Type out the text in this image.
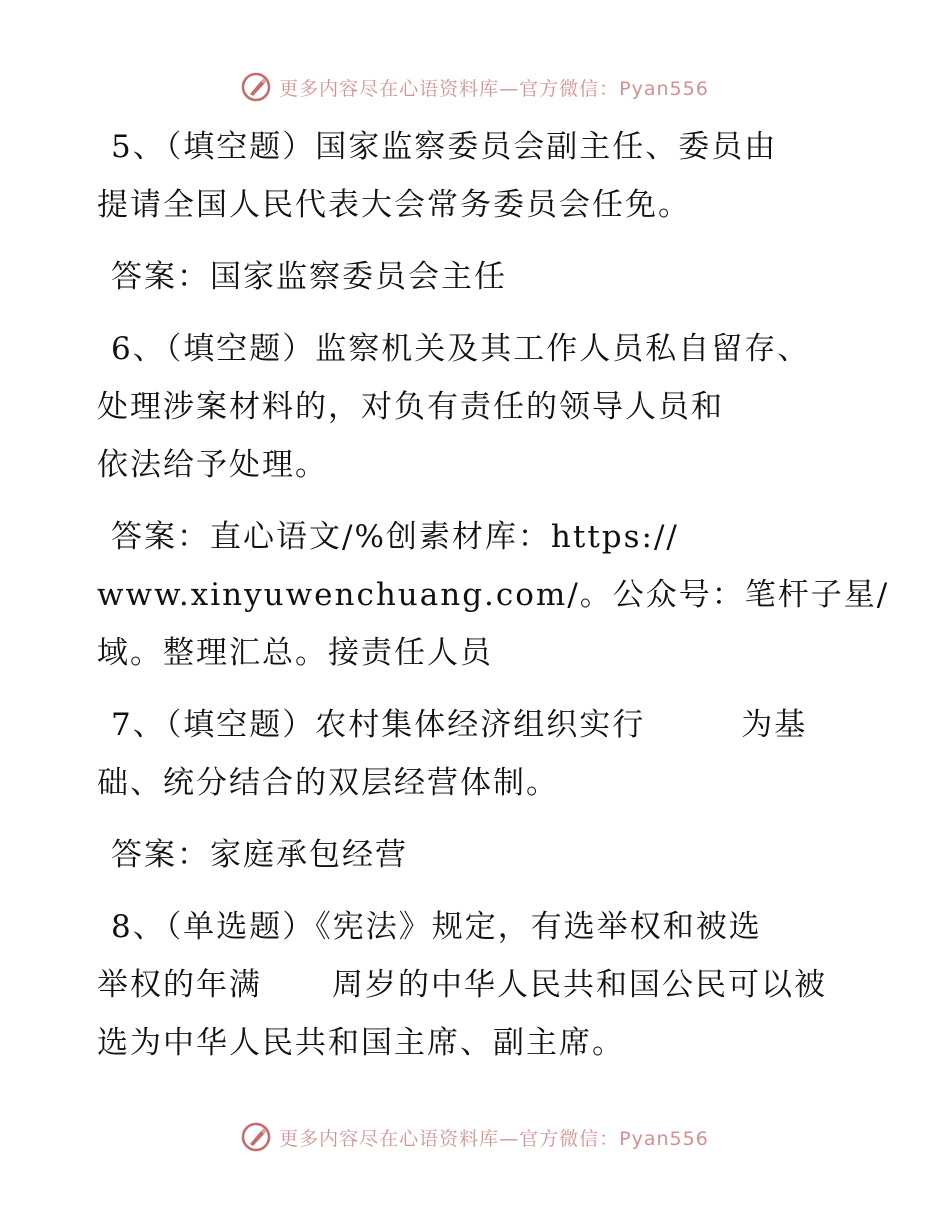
更多内容尽在心语资料库—官方微信：Pyan556
5、（填空题）国家监察委员会副主任、委员由
提请全国人民代表大会常务委员会任免。
答案：国家监察委员会主任
6、（填空题）监察机关及其工作人员私自留存、
处理涉案材料的，对负有责任的领导人员和
依法给予处理。
答案：直心语文/%创素材库：https://
www.xinyuwenchuang.com/。公众号：笔杆子星/
域。整理汇总。接责任人员
7、（填空题）农村集体经济组织实行	为基
础、统分结合的双层经营体制。
答案：家庭承包经营
8、（单选题）《宪法》规定，有选举权和被选
举权的年满 周岁的中华人民共和国公民可以被
选为中华人民共和国主席、副主席。
更多内容尽在心语资料库—官方微信：Pyan556
